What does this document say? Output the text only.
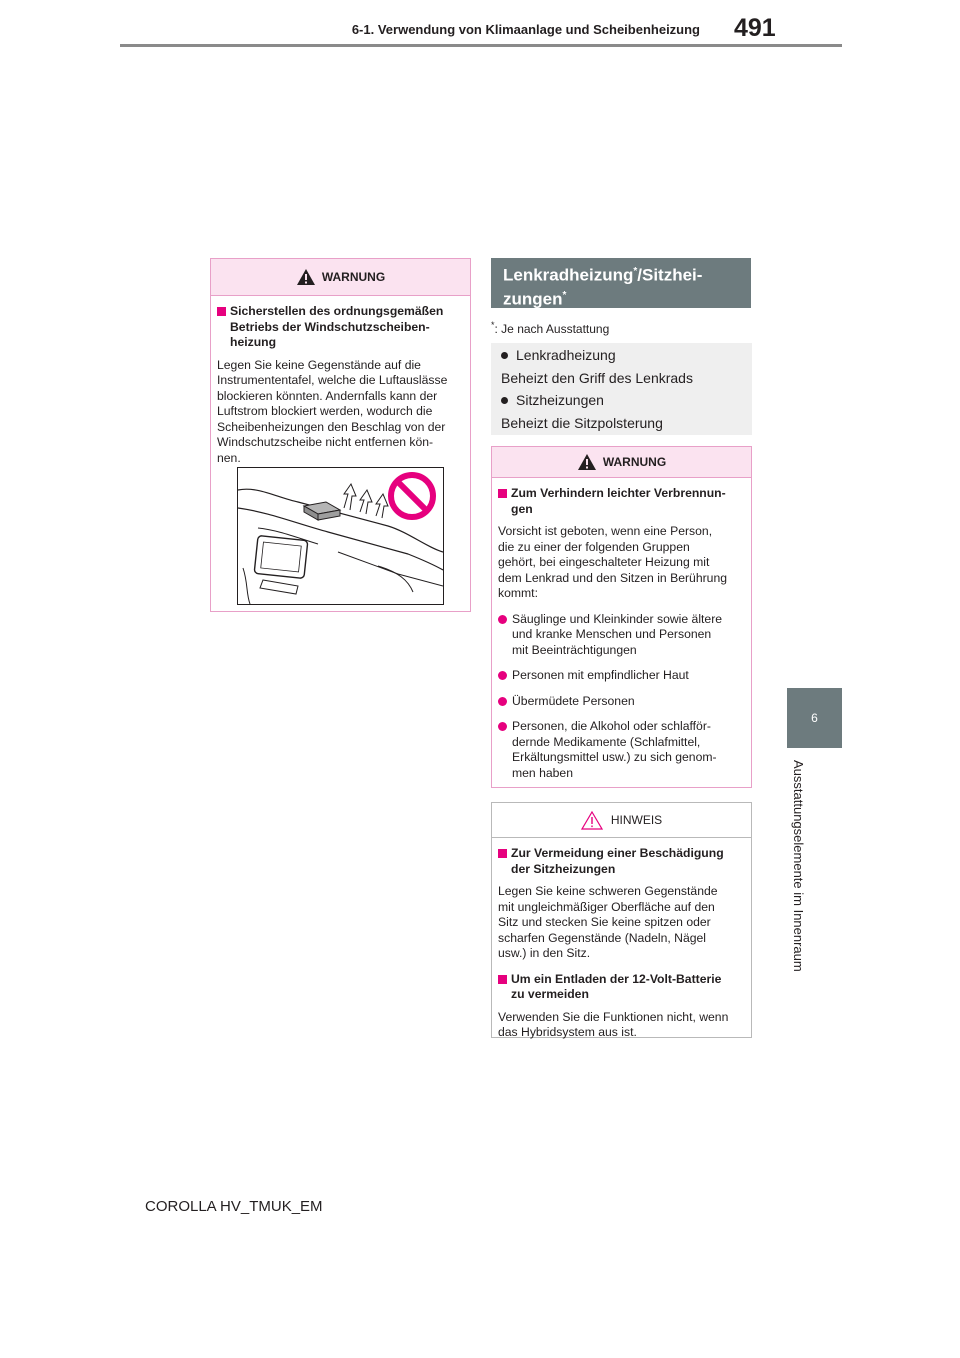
6-1. Verwendung von Klimaanlage und Scheibenheizung 491
6
Ausstattungselemente im Innenraum
WARNUNG
Sicherstellen des ordnungsgemäßen
Betriebs der Windschutzscheiben-
heizung
Legen Sie keine Gegenstände auf die
Instrumententafel, welche die Luftauslässe
blockieren könnten. Andernfalls kann der
Luftstrom blockiert werden, wodurch die
Scheibenheizungen den Beschlag von der
Windschutzscheibe nicht entfernen kön-
nen.
Lenkradheizung*/Sitzhei-
zungen*
*: Je nach Ausstattung
Lenkradheizung
Beheizt den Griff des Lenkrads
Sitzheizungen
Beheizt die Sitzpolsterung
WARNUNG
Zum Verhindern leichter Verbrennun-
gen
Vorsicht ist geboten, wenn eine Person,
die zu einer der folgenden Gruppen
gehört, bei eingeschalteter Heizung mit
dem Lenkrad und den Sitzen in Berührung
kommt:
Säuglinge und Kleinkinder sowie ältere
und kranke Menschen und Personen
mit Beeinträchtigungen
Personen mit empfindlicher Haut
Übermüdete Personen
Personen, die Alkohol oder schlafför-
dernde Medikamente (Schlafmittel,
Erkältungsmittel usw.) zu sich genom-
men haben
HINWEIS
Zur Vermeidung einer Beschädigung
der Sitzheizungen
Legen Sie keine schweren Gegenstände
mit ungleichmäßiger Oberfläche auf den
Sitz und stecken Sie keine spitzen oder
scharfen Gegenstände (Nadeln, Nägel
usw.) in den Sitz.
Um ein Entladen der 12-Volt-Batterie
zu vermeiden
Verwenden Sie die Funktionen nicht, wenn
das Hybridsystem aus ist.
COROLLA HV_TMUK_EM
